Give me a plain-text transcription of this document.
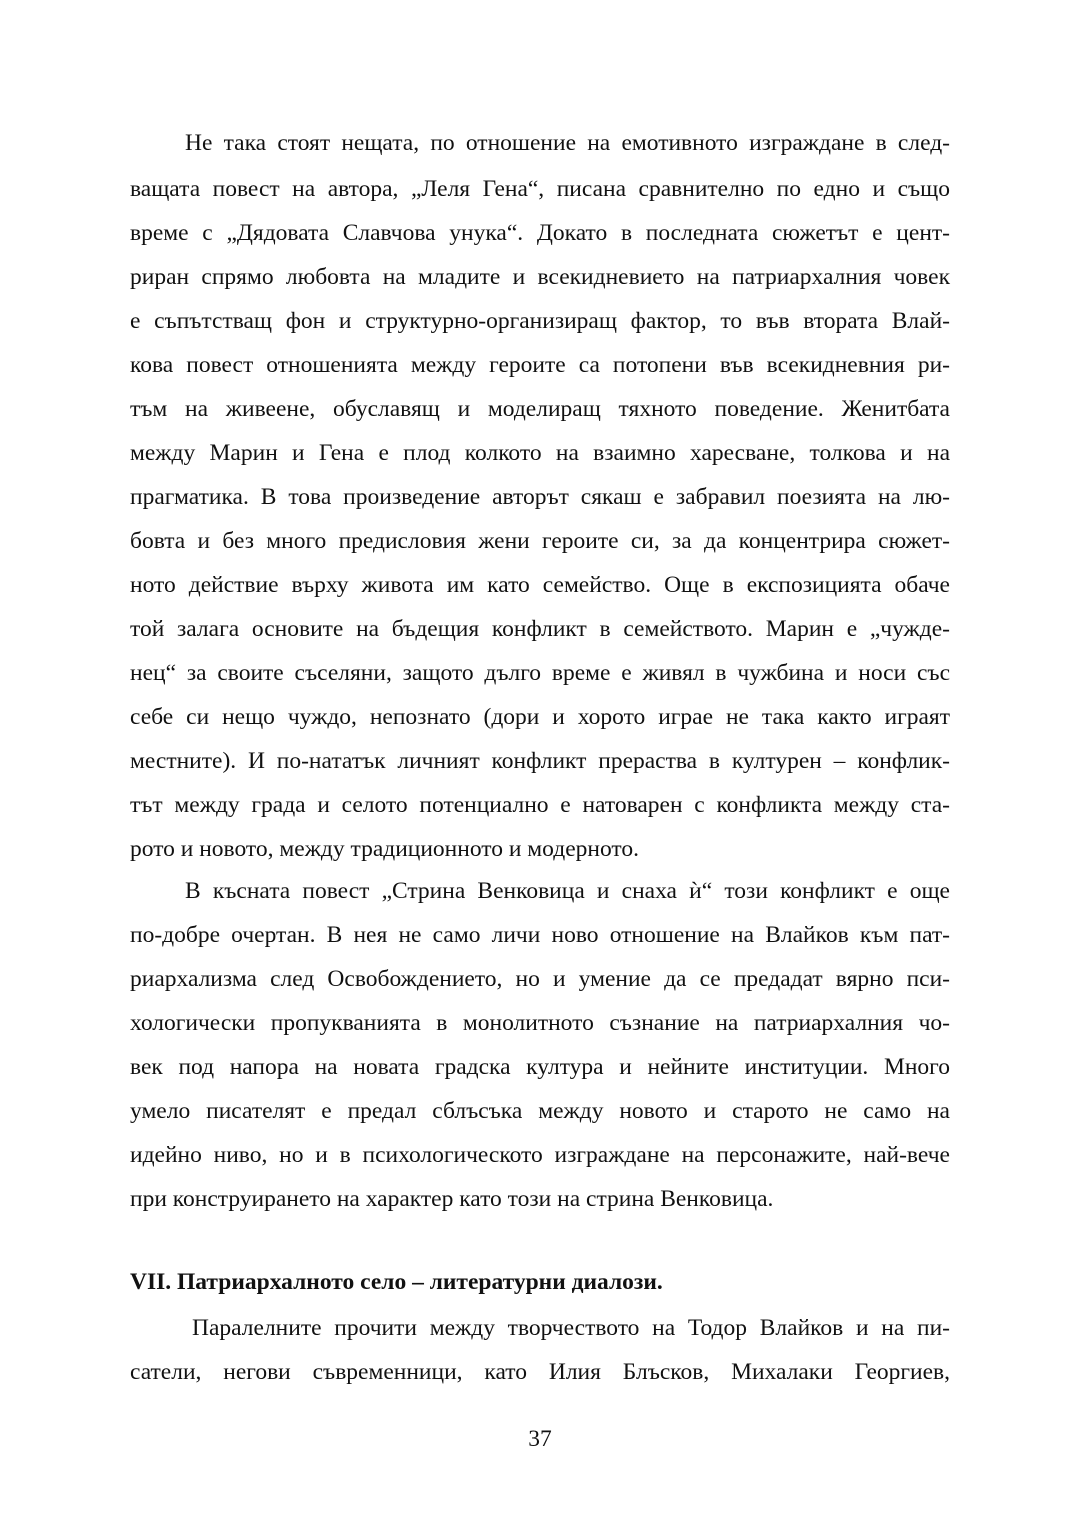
Не така стоят нещата, по отношение на емотивното изграждане в след-
ващата повест на автора, „Леля Гена“, писана сравнително по едно и също
време с „Дядовата Славчова унука“. Докато в последната сюжетът е цент-
риран спрямо любовта на младите и всекидневието на патриархалния човек
е съпътстващ фон и структурно-организиращ фактор, то във втората Влай-
кова повест отношенията между героите са потопени във всекидневния ри-
тъм на живеене, обуславящ и моделиращ тяхното поведение. Женитбата
между Марин и Гена е плод колкото на взаимно харесване, толкова и на
прагматика. В това произведение авторът сякаш е забравил поезията на лю-
бовта и без много предисловия жени героите си, за да концентрира сюжет-
ното действие върху живота им като семейство. Още в експозицията обаче
той залага основите на бъдещия конфликт в семейството. Марин е „чужде-
нец“ за своите съселяни, защото дълго време е живял в чужбина и носи със
себе си нещо чуждо, непознато (дори и хорото играе не така както играят
местните). И по-нататък личният конфликт прераства в културен – конфлик-
тът между града и селото потенциално е натоварен с конфликта между ста-
рото и новото, между традиционното и модерното.
В късната повест „Стрина Венковица и снаха ѝ“ този конфликт е още
по-добре очертан. В нея не само личи ново отношение на Влайков към пат-
риархализма след Освобождението, но и умение да се предадат вярно пси-
хологически пропукванията в монолитното съзнание на патриархалния чо-
век под напора на новата градска култура и нейните институции. Много
умело писателят е предал сблъсъка между новото и старото не само на
идейно ниво, но и в психологическото изграждане на персонажите, най-вече
при конструирането на характер като този на стрина Венковица.
VII. Патриархалното село – литературни диалози.
Паралелните прочити между творчеството на Тодор Влайков и на пи-
сатели, негови съвременници, като Илия Блъсков, Михалаки Георгиев,
37
